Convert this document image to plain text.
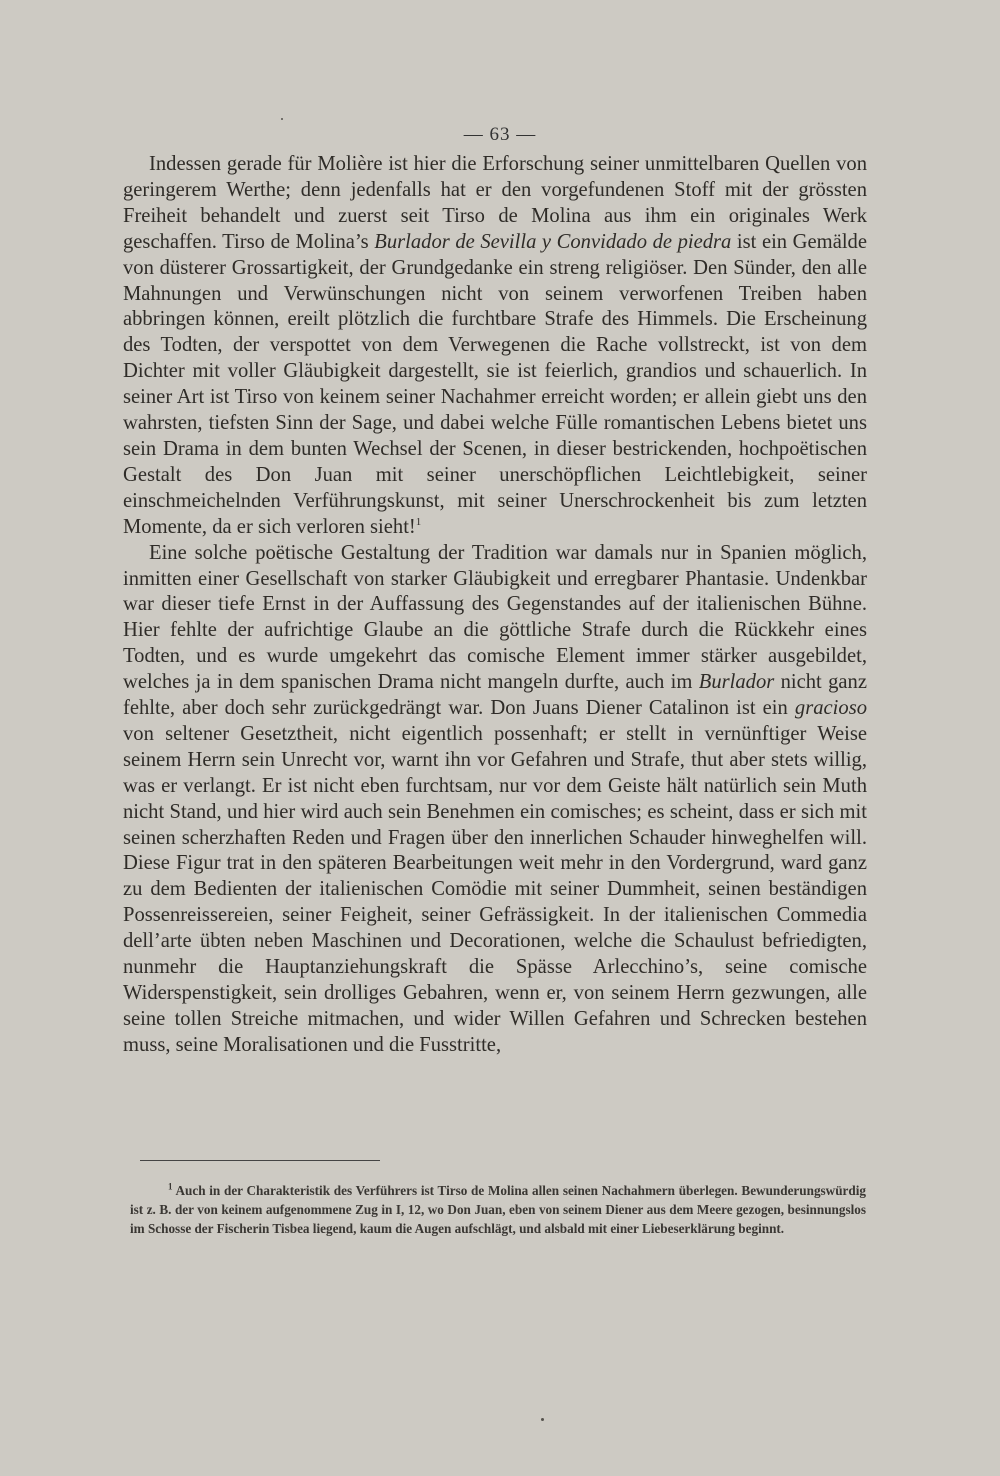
— 63 —

Indessen gerade für Molière ist hier die Erforschung seiner unmittelbaren Quellen von geringerem Werthe; denn jedenfalls hat er den vorgefundenen Stoff mit der grössten Freiheit behandelt und zuerst seit Tirso de Molina aus ihm ein originales Werk geschaffen. Tirso de Molina’s Burlador de Sevilla y Convidado de piedra ist ein Gemälde von düsterer Grossartigkeit, der Grundgedanke ein streng religiöser. Den Sünder, den alle Mahnungen und Verwünschungen nicht von seinem verworfenen Treiben haben abbringen können, ereilt plötzlich die furchtbare Strafe des Himmels. Die Erscheinung des Todten, der verspottet von dem Verwegenen die Rache vollstreckt, ist von dem Dichter mit voller Gläubigkeit dargestellt, sie ist feierlich, grandios und schauerlich. In seiner Art ist Tirso von keinem seiner Nachahmer erreicht worden; er allein giebt uns den wahrsten, tiefsten Sinn der Sage, und dabei welche Fülle romantischen Lebens bietet uns sein Drama in dem bunten Wechsel der Scenen, in dieser bestrickenden, hochpoëtischen Gestalt des Don Juan mit seiner unerschöpflichen Leichtlebigkeit, seiner einschmeichelnden Verführungskunst, mit seiner Unerschrockenheit bis zum letzten Momente, da er sich verloren sieht!$^1$

Eine solche poëtische Gestaltung der Tradition war damals nur in Spanien möglich, inmitten einer Gesellschaft von starker Gläubigkeit und erregbarer Phantasie. Undenkbar war dieser tiefe Ernst in der Auffassung des Gegenstandes auf der italienischen Bühne. Hier fehlte der aufrichtige Glaube an die göttliche Strafe durch die Rückkehr eines Todten, und es wurde umgekehrt das comische Element immer stärker ausgebildet, welches ja in dem spanischen Drama nicht mangeln durfte, auch im Burlador nicht ganz fehlte, aber doch sehr zurückgedrängt war. Don Juans Diener Catalinon ist ein gracioso von seltener Gesetztheit, nicht eigentlich possenhaft; er stellt in vernünftiger Weise seinem Herrn sein Unrecht vor, warnt ihn vor Gefahren und Strafe, thut aber stets willig, was er verlangt. Er ist nicht eben furchtsam, nur vor dem Geiste hält natürlich sein Muth nicht Stand, und hier wird auch sein Benehmen ein comisches; es scheint, dass er sich mit seinen scherzhaften Reden und Fragen über den innerlichen Schauder hinweghelfen will. Diese Figur trat in den späteren Bearbeitungen weit mehr in den Vordergrund, ward ganz zu dem Bedienten der italienischen Comödie mit seiner Dummheit, seinen beständigen Possenreissereien, seiner Feigheit, seiner Gefrässigkeit. In der italienischen Commedia dell’arte übten neben Maschinen und Decorationen, welche die Schaulust befriedigten, nunmehr die Hauptanziehungskraft die Spässe Arlecchino’s, seine comische Widerspenstigkeit, sein drolliges Gebahren, wenn er, von seinem Herrn gezwungen, alle seine tollen Streiche mitmachen, und wider Willen Gefahren und Schrecken bestehen muss, seine Moralisationen und die Fusstritte,

$^1$ Auch in der Charakteristik des Verführers ist Tirso de Molina allen seinen Nachahmern überlegen. Bewunderungswürdig ist z. B. der von keinem aufgenommene Zug in I, 12, wo Don Juan, eben von seinem Diener aus dem Meere gezogen, besinnungslos im Schosse der Fischerin Tisbea liegend, kaum die Augen aufschlägt, und alsbald mit einer Liebeserklärung beginnt.
